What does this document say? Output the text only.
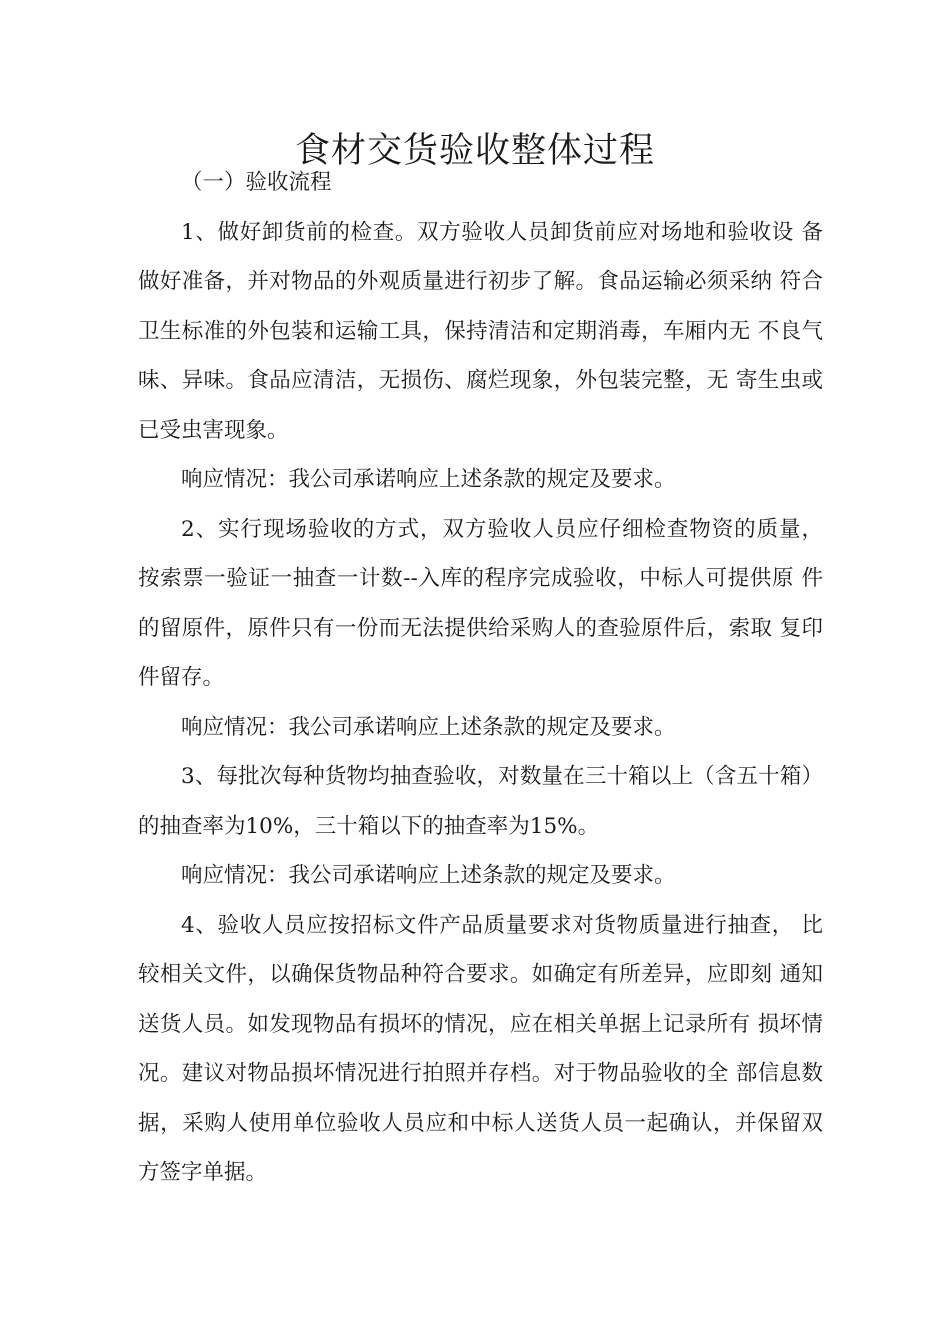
食材交货验收整体过程

（一）验收流程

1、做好卸货前的检查。双方验收人员卸货前应对场地和验收设 备做好准备，并对物品的外观质量进行初步了解。食品运输必须采纳 符合卫生标准的外包装和运输工具，保持清洁和定期消毒，车厢内无 不良气味、异味。食品应清洁，无损伤、腐烂现象，外包装完整，无 寄生虫或已受虫害现象。

响应情况：我公司承诺响应上述条款的规定及要求。

2、实行现场验收的方式，双方验收人员应仔细检查物资的质量， 按索票一验证一抽查一计数--入库的程序完成验收，中标人可提供原 件的留原件，原件只有一份而无法提供给采购人的查验原件后，索取 复印件留存。

响应情况：我公司承诺响应上述条款的规定及要求。

3、每批次每种货物均抽查验收，对数量在三十箱以上（含五十箱）的抽查率为10%，三十箱以下的抽查率为15%。

响应情况：我公司承诺响应上述条款的规定及要求。

4、验收人员应按招标文件产品质量要求对货物质量进行抽查， 比较相关文件，以确保货物品种符合要求。如确定有所差异，应即刻 通知送货人员。如发现物品有损坏的情况，应在相关单据上记录所有 损坏情况。建议对物品损坏情况进行拍照并存档。对于物品验收的全 部信息数据，采购人使用单位验收人员应和中标人送货人员一起确认，并保留双方签字单据。
